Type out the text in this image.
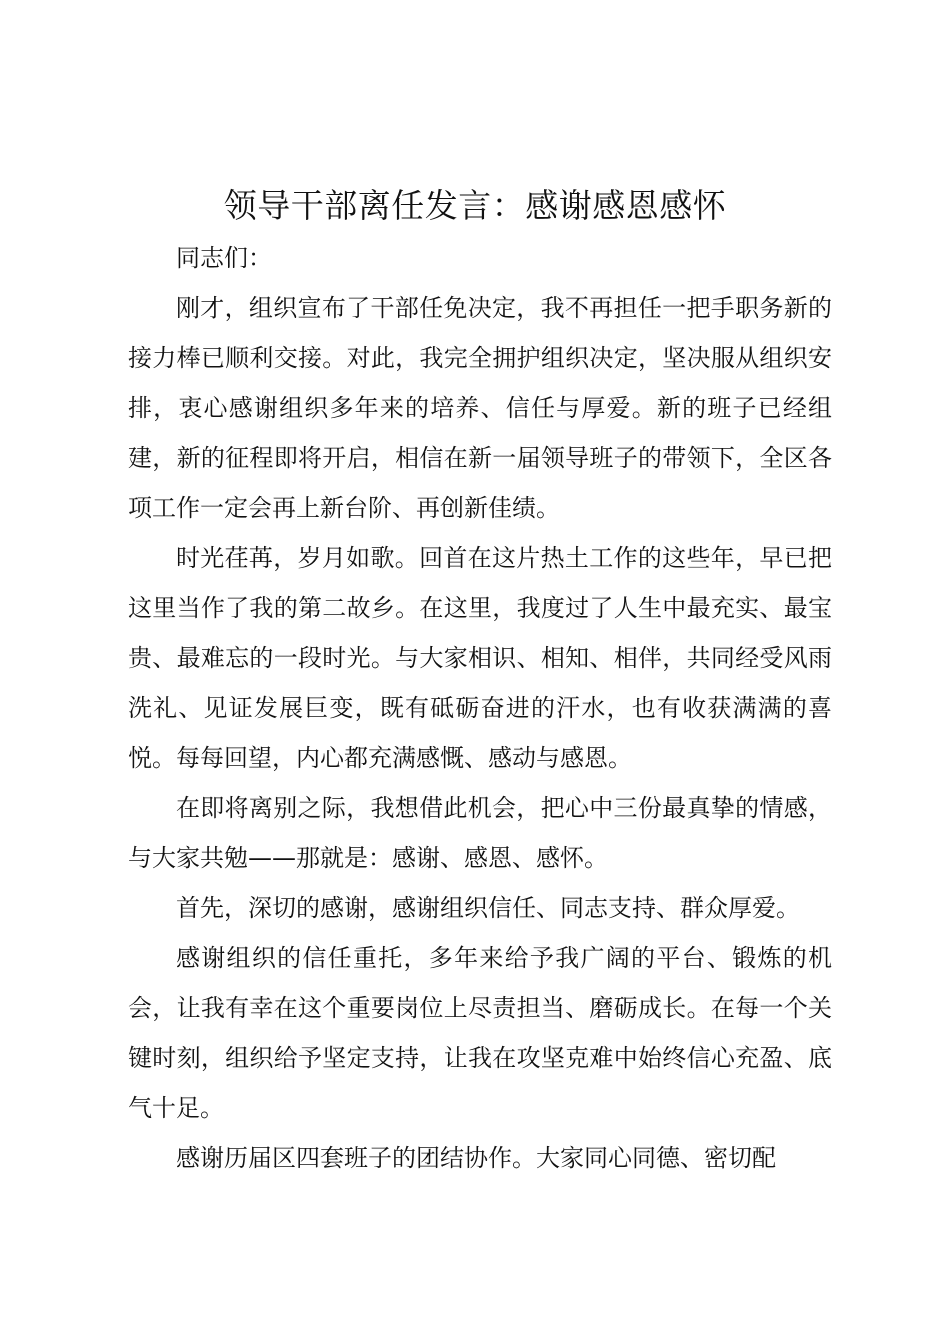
领导干部离任发言：感谢感恩感怀

同志们：

刚才，组织宣布了干部任免决定，我不再担任一把手职务新的接力棒已顺利交接。对此，我完全拥护组织决定，坚决服从组织安排，衷心感谢组织多年来的培养、信任与厚爱。新的班子已经组建，新的征程即将开启，相信在新一届领导班子的带领下，全区各项工作一定会再上新台阶、再创新佳绩。

时光荏苒，岁月如歌。回首在这片热土工作的这些年，早已把这里当作了我的第二故乡。在这里，我度过了人生中最充实、最宝贵、最难忘的一段时光。与大家相识、相知、相伴，共同经受风雨洗礼、见证发展巨变，既有砥砺奋进的汗水，也有收获满满的喜悦。每每回望，内心都充满感慨、感动与感恩。

在即将离别之际，我想借此机会，把心中三份最真挚的情感，与大家共勉——那就是：感谢、感恩、感怀。

首先，深切的感谢，感谢组织信任、同志支持、群众厚爱。

感谢组织的信任重托，多年来给予我广阔的平台、锻炼的机会，让我有幸在这个重要岗位上尽责担当、磨砺成长。在每一个关键时刻，组织给予坚定支持，让我在攻坚克难中始终信心充盈、底气十足。

感谢历届区四套班子的团结协作。大家同心同德、密切配
